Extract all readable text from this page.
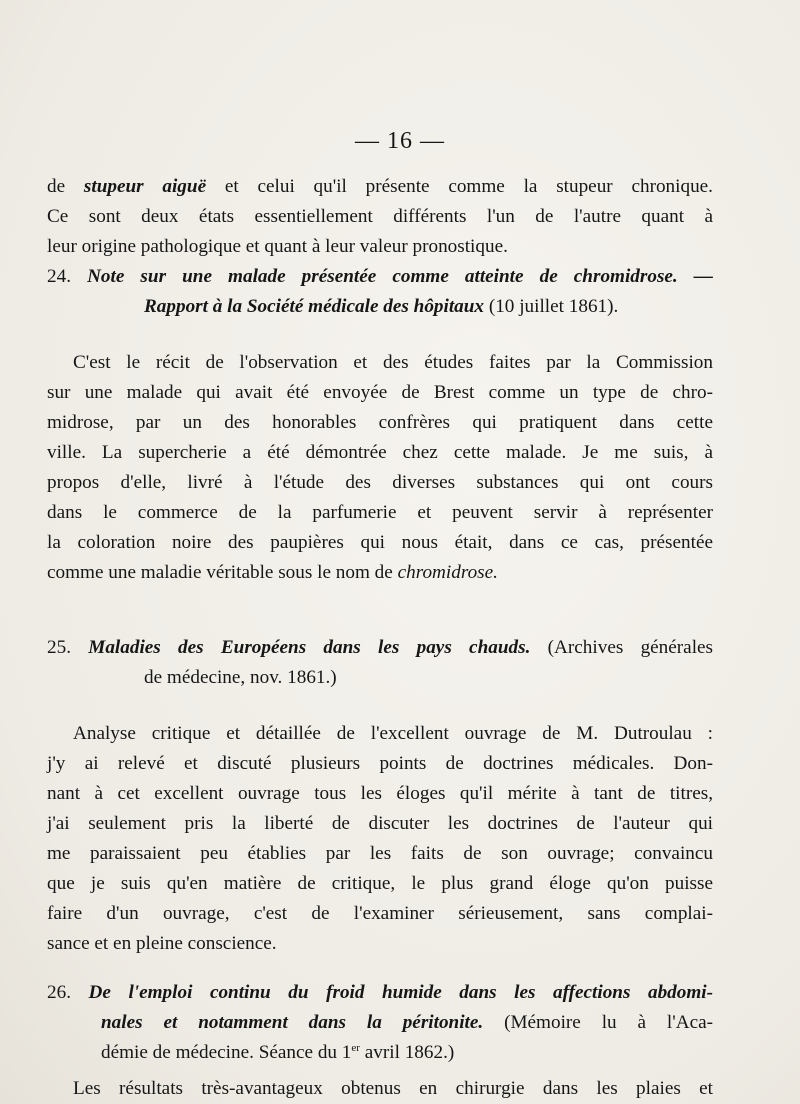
— 16 —
de stupeur aiguë et celui qu'il présente comme la stupeur chronique.
Ce sont deux états essentiellement différents l'un de l'autre quant à
leur origine pathologique et quant à leur valeur pronostique.
24. Note sur une malade présentée comme atteinte de chromidrose. —
Rapport à la Société médicale des hôpitaux (10 juillet 1861).
C'est le récit de l'observation et des études faites par la Commission
sur une malade qui avait été envoyée de Brest comme un type de chro-
midrose, par un des honorables confrères qui pratiquent dans cette
ville. La supercherie a été démontrée chez cette malade. Je me suis, à
propos d'elle, livré à l'étude des diverses substances qui ont cours
dans le commerce de la parfumerie et peuvent servir à représenter
la coloration noire des paupières qui nous était, dans ce cas, présentée
comme une maladie véritable sous le nom de chromidrose.
25. Maladies des Européens dans les pays chauds. (Archives générales
de médecine, nov. 1861.)
Analyse critique et détaillée de l'excellent ouvrage de M. Dutroulau :
j'y ai relevé et discuté plusieurs points de doctrines médicales. Don-
nant à cet excellent ouvrage tous les éloges qu'il mérite à tant de titres,
j'ai seulement pris la liberté de discuter les doctrines de l'auteur qui
me paraissaient peu établies par les faits de son ouvrage; convaincu
que je suis qu'en matière de critique, le plus grand éloge qu'on puisse
faire d'un ouvrage, c'est de l'examiner sérieusement, sans complai-
sance et en pleine conscience.
26. De l'emploi continu du froid humide dans les affections abdomi-
nales et notamment dans la péritonite. (Mémoire lu à l'Aca-
démie de médecine. Séance du 1er avril 1862.)
Les résultats très-avantageux obtenus en chirurgie dans les plaies et
